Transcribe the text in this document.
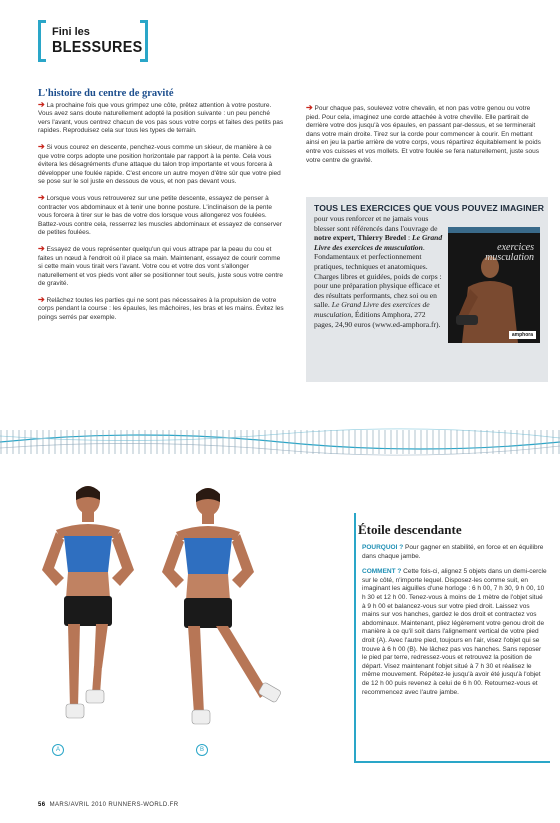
Fini les
BLESSURES
L'histoire du centre de gravité

➔ La prochaine fois que vous grimpez une côte, prêtez attention à votre posture. Vous avez sans doute naturellement adopté la position suivante : un peu penché vers l'avant, vous centrez chacun de vos pas sous votre corps et faites des petits pas rapides. Reproduisez cela sur tous les types de terrain.

➔ Si vous courez en descente, penchez-vous comme un skieur, de manière à ce que votre corps adopte une position horizontale par rapport à la pente. Cela vous évitera les désagréments d'une attaque du talon trop importante et vous forcera à développer une foulée rapide. C'est encore un autre moyen d'être sûr que votre pied se pose sur le sol juste en dessous de vous, et non pas devant vous.

➔ Lorsque vous vous retrouverez sur une petite descente, essayez de penser à contracter vos abdominaux et à tenir une bonne posture. L'inclinaison de la pente vous forcera à tirer sur le bas de votre dos lorsque vous allongerez vos foulées. Battez-vous contre cela, resserrez les muscles abdominaux et essayez de conserver de petites foulées.

➔ Essayez de vous représenter quelqu'un qui vous attrape par la peau du cou et faites un nœud à l'endroit où il place sa main. Maintenant, essayez de courir comme si cette main vous tirait vers l'avant. Votre cou et votre dos vont s'allonger naturellement et vos pieds vont aller se positionner tout seuls, juste sous votre centre de gravité.

➔ Relâchez toutes les parties qui ne sont pas nécessaires à la propulsion de votre corps pendant la course : les épaules, les mâchoires, les bras et les mains. Évitez les poings serrés par exemple.

➔ Pour chaque pas, soulevez votre chevalin, et non pas votre genou ou votre pied. Pour cela, imaginez une corde attachée à votre cheville. Elle partirait de derrière votre dos jusqu'à vos épaules, en passant par-dessus, et se terminerait dans votre main droite. Tirez sur la corde pour commencer à courir. En mettant ainsi en jeu la partie arrière de votre corps, vous répartirez équitablement le poids entre vos cuisses et vos mollets. Et votre foulée se fera naturellement, juste sous votre centre de gravité.

TOUS LES EXERCICES QUE VOUS POUVEZ IMAGINER
pour vous renforcer et ne jamais vous blesser sont référencés dans l'ouvrage de notre expert, Thierry Bredel : Le Grand Livre des exercices de musculation. Fondamentaux et perfectionnement pratiques, techniques et anatomiques. Charges libres et guidées, poids de corps : pour une préparation physique efficace et des résultats performants, chez soi ou en salle. Le Grand Livre des exercices de musculation, Éditions Amphora, 272 pages, 24,90 euros (www.ed-amphora.fr).
exercices musculation
amphora
A	B
Étoile descendante

POURQUOI ? Pour gagner en stabilité, en force et en équilibre dans chaque jambe.

COMMENT ? Cette fois-ci, alignez 5 objets dans un demi-cercle sur le côté, n'importe lequel. Disposez-les comme suit, en imaginant les aiguilles d'une horloge : 6 h 00, 7 h 30, 9 h 00, 10 h 30 et 12 h 00. Tenez-vous à moins de 1 mètre de l'objet situé à 9 h 00 et balancez-vous sur votre pied droit. Laissez vos mains sur vos hanches, gardez le dos droit et contractez vos abdominaux. Maintenant, pliez légèrement votre genou droit de manière à ce qu'il soit dans l'alignement vertical de votre pied droit (A). Avec l'autre pied, toujours en l'air, visez l'objet qui se trouve à 6 h 00 (B). Ne lâchez pas vos hanches. Sans reposer le pied par terre, redressez-vous et retrouvez la position de départ. Visez maintenant l'objet situé à 7 h 30 et réalisez le même mouvement. Répétez-le jusqu'à avoir été jusqu'à l'objet de 12 h 00 puis revenez à celui de 6 h 00. Retournez-vous et recommencez avec l'autre jambe.

56 MARS/AVRIL 2010 RUNNERS-WORLD.FR
